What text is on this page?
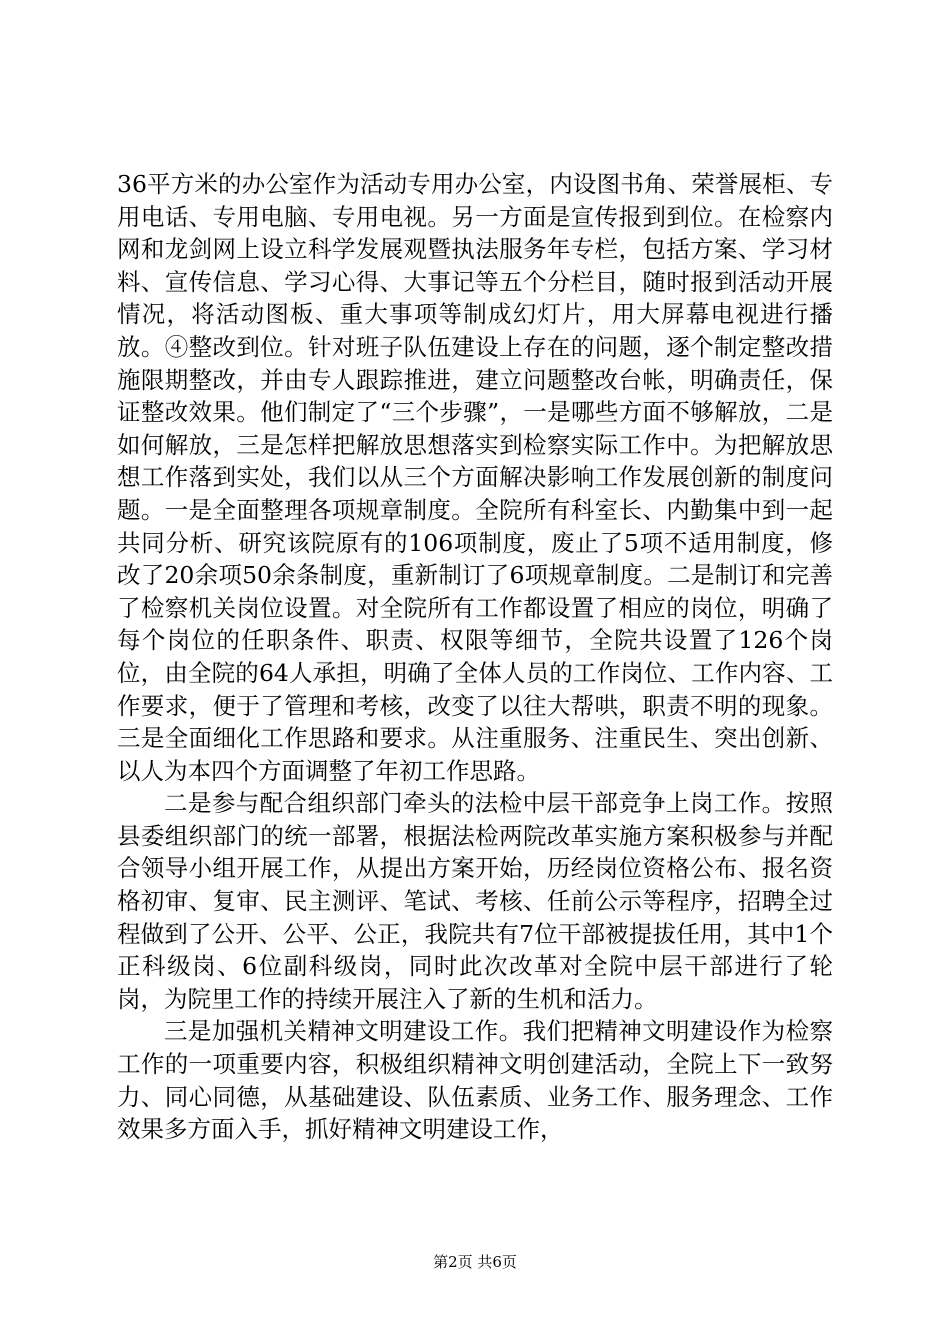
36平方米的办公室作为活动专用办公室，内设图书角、荣誉展柜、专用电话、专用电脑、专用电视。另一方面是宣传报到到位。在检察内网和龙剑网上设立科学发展观暨执法服务年专栏，包括方案、学习材料、宣传信息、学习心得、大事记等五个分栏目，随时报到活动开展情况，将活动图板、重大事项等制成幻灯片，用大屏幕电视进行播放。④整改到位。针对班子队伍建设上存在的问题，逐个制定整改措施限期整改，并由专人跟踪推进，建立问题整改台帐，明确责任，保证整改效果。他们制定了“三个步骤”，一是哪些方面不够解放，二是如何解放，三是怎样把解放思想落实到检察实际工作中。为把解放思想工作落到实处，我们以从三个方面解决影响工作发展创新的制度问题。一是全面整理各项规章制度。全院所有科室长、内勤集中到一起共同分析、研究该院原有的106项制度，废止了5项不适用制度，修改了20余项50余条制度，重新制订了6项规章制度。二是制订和完善了检察机关岗位设置。对全院所有工作都设置了相应的岗位，明确了每个岗位的任职条件、职责、权限等细节，全院共设置了126个岗位，由全院的64人承担，明确了全体人员的工作岗位、工作内容、工作要求，便于了管理和考核，改变了以往大帮哄，职责不明的现象。三是全面细化工作思路和要求。从注重服务、注重民生、突出创新、以人为本四个方面调整了年初工作思路。

二是参与配合组织部门牵头的法检中层干部竞争上岗工作。按照县委组织部门的统一部署，根据法检两院改革实施方案积极参与并配合领导小组开展工作，从提出方案开始，历经岗位资格公布、报名资格初审、复审、民主测评、笔试、考核、任前公示等程序，招聘全过程做到了公开、公平、公正，我院共有7位干部被提拔任用，其中1个正科级岗、6位副科级岗，同时此次改革对全院中层干部进行了轮岗，为院里工作的持续开展注入了新的生机和活力。

三是加强机关精神文明建设工作。我们把精神文明建设作为检察工作的一项重要内容，积极组织精神文明创建活动，全院上下一致努力、同心同德，从基础建设、队伍素质、业务工作、服务理念、工作效果多方面入手，抓好精神文明建设工作，

第2页 共6页
